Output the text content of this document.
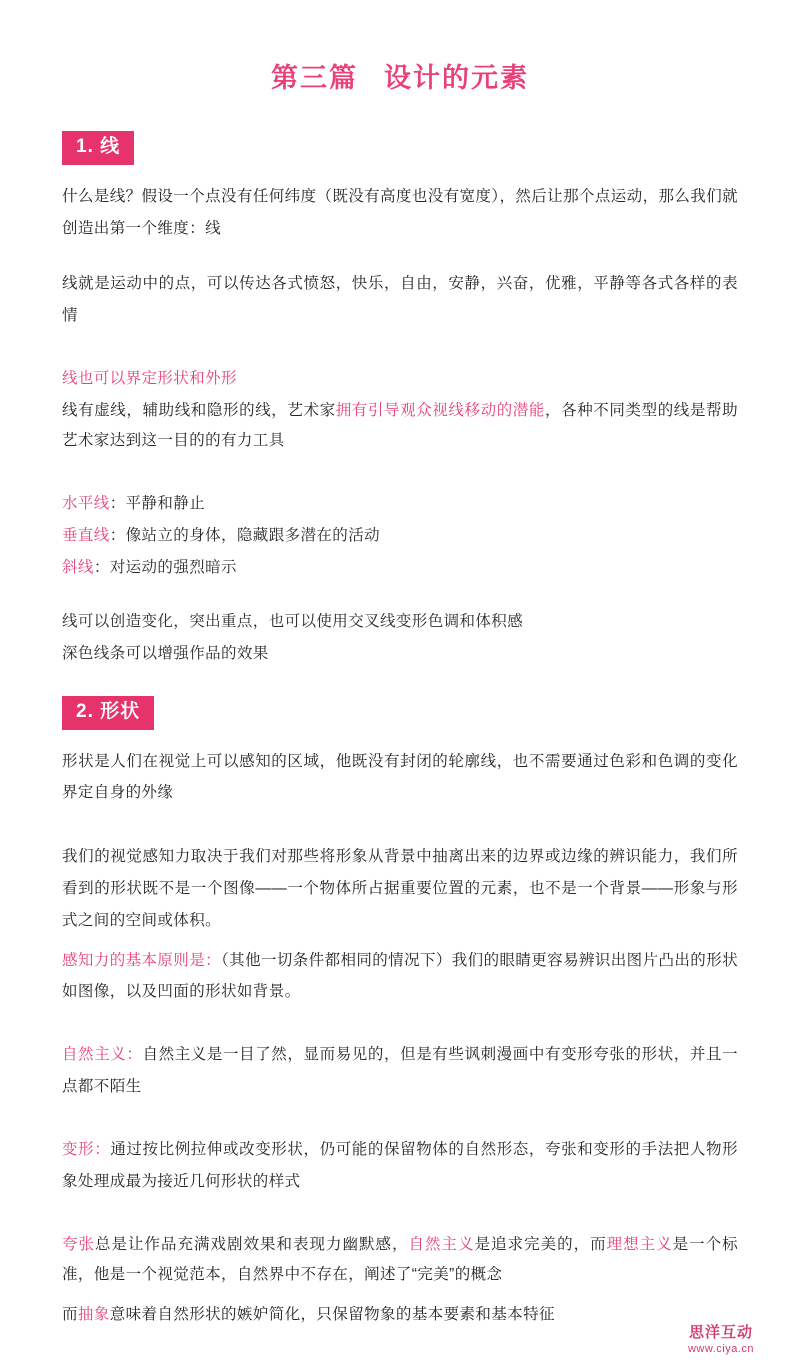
第三篇 设计的元素
1. 线

什么是线？假设一个点没有任何纬度（既没有高度也没有宽度），然后让那个点运动，那么我们就创造出第一个维度：线

线就是运动中的点，可以传达各式愤怒，快乐，自由，安静，兴奋，优雅，平静等各式各样的表情

线也可以界定形状和外形

线有虚线，辅助线和隐形的线，艺术家拥有引导观众视线移动的潜能，各种不同类型的线是帮助艺术家达到这一目的的有力工具

水平线：平静和静止

垂直线：像站立的身体，隐藏跟多潜在的活动

斜线：对运动的强烈暗示

线可以创造变化，突出重点，也可以使用交叉线变形色调和体积感

深色线条可以增强作品的效果

2. 形状

形状是人们在视觉上可以感知的区域，他既没有封闭的轮廓线，也不需要通过色彩和色调的变化界定自身的外缘

我们的视觉感知力取决于我们对那些将形象从背景中抽离出来的边界或边缘的辨识能力，我们所看到的形状既不是一个图像——一个物体所占据重要位置的元素，也不是一个背景——形象与形式之间的空间或体积。

感知力的基本原则是：（其他一切条件都相同的情况下）我们的眼睛更容易辨识出图片凸出的形状如图像，以及凹面的形状如背景。

自然主义：自然主义是一目了然，显而易见的，但是有些讽刺漫画中有变形夸张的形状，并且一点都不陌生

变形：通过按比例拉伸或改变形状，仍可能的保留物体的自然形态，夸张和变形的手法把人物形象处理成最为接近几何形状的样式

夸张总是让作品充满戏剧效果和表现力幽默感，自然主义是追求完美的，而理想主义是一个标准，他是一个视觉范本，自然界中不存在，阐述了“完美”的概念

而抽象意味着自然形状的嫉妒简化，只保留物象的基本要素和基本特征

思洋互动
www.ciya.cn
